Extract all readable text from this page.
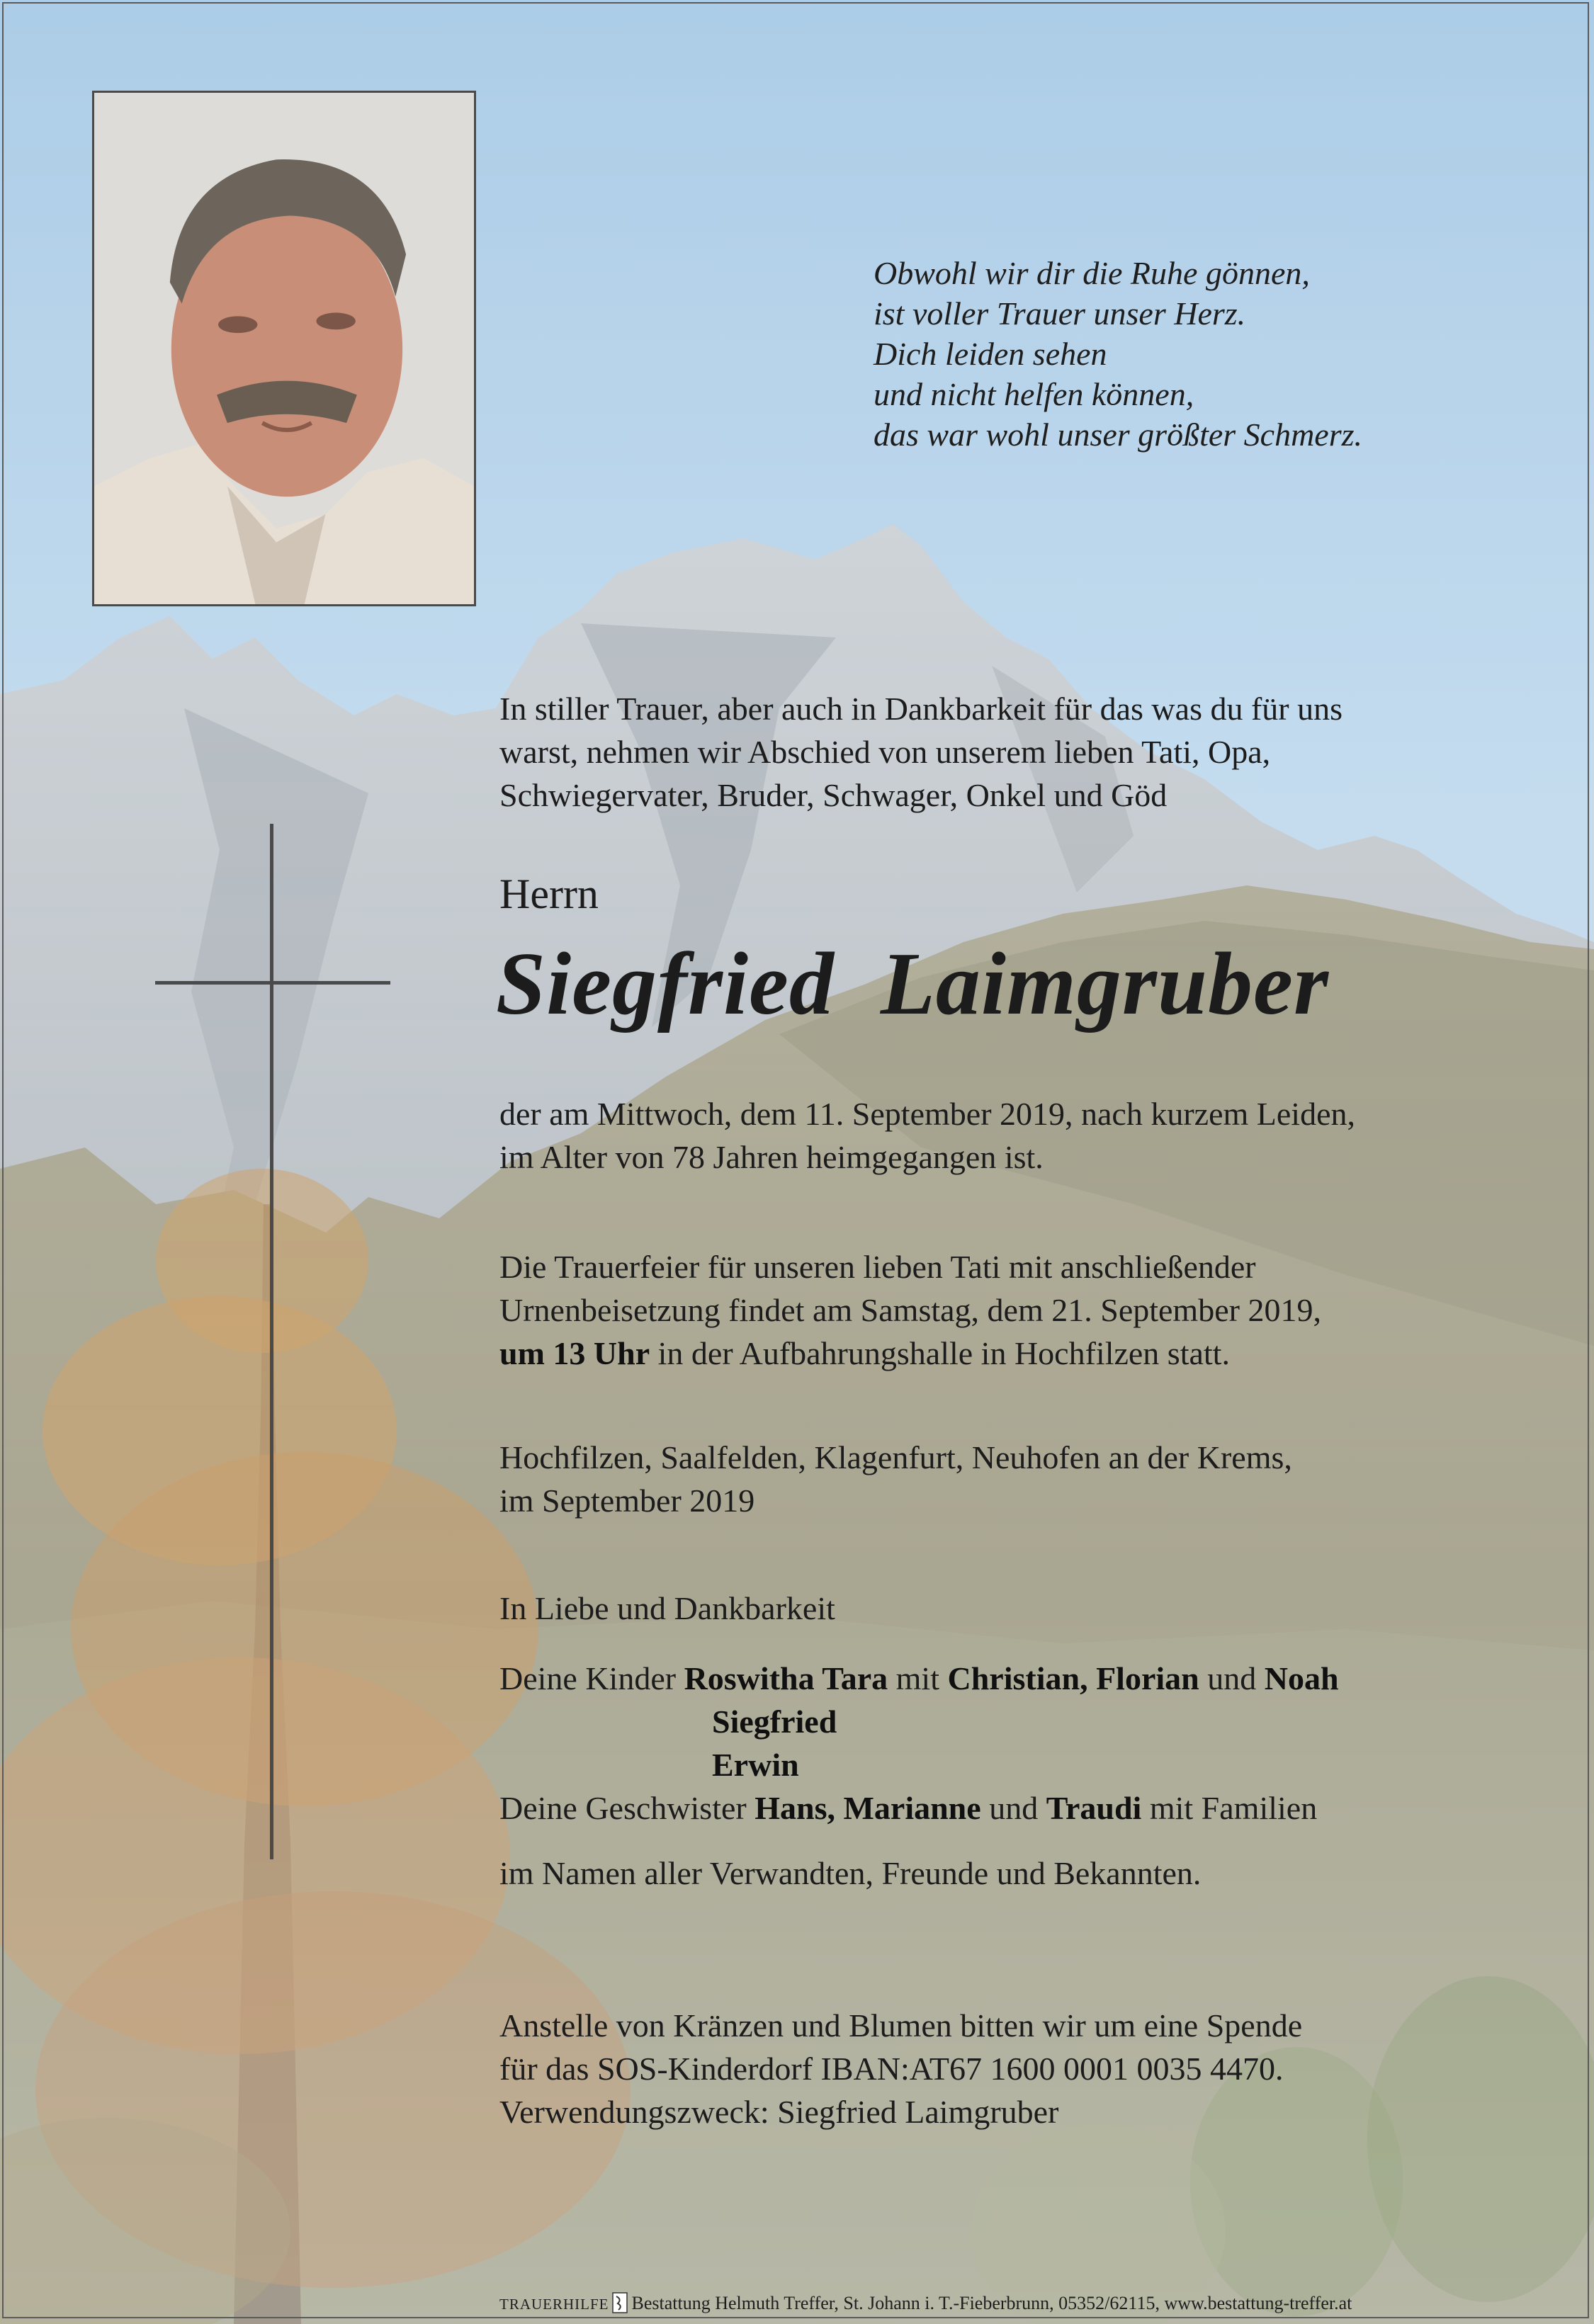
Obwohl wir dir die Ruhe gönnen,
ist voller Trauer unser Herz.
Dich leiden sehen
und nicht helfen können,
das war wohl unser größter Schmerz.
In stiller Trauer, aber auch in Dankbarkeit für das was du für uns
warst, nehmen wir Abschied von unserem lieben Tati, Opa,
Schwiegervater, Bruder, Schwager, Onkel und Göd
Herrn
Siegfried  Laimgruber
der am Mittwoch, dem 11. September 2019, nach kurzem Leiden,
im Alter von 78 Jahren heimgegangen ist.
Die Trauerfeier für unseren lieben Tati mit anschließender
Urnenbeisetzung findet am Samstag, dem 21. September 2019,
um 13 Uhr in der Aufbahrungshalle in Hochfilzen statt.
Hochfilzen, Saalfelden, Klagenfurt, Neuhofen an der Krems,
im September 2019
In Liebe und Dankbarkeit
Deine Kinder Roswitha Tara mit Christian, Florian und Noah
Siegfried
Erwin
Deine Geschwister Hans, Marianne und Traudi mit Familien
im Namen aller Verwandten, Freunde und Bekannten.
Anstelle von Kränzen und Blumen bitten wir um eine Spende
für das SOS-Kinderdorf IBAN:AT67 1600 0001 0035 4470.
Verwendungszweck: Siegfried Laimgruber
TRAUERHILFE Bestattung Helmuth Treffer, St. Johann i. T.-Fieberbrunn, 05352/62115, www.bestattung-treffer.at
